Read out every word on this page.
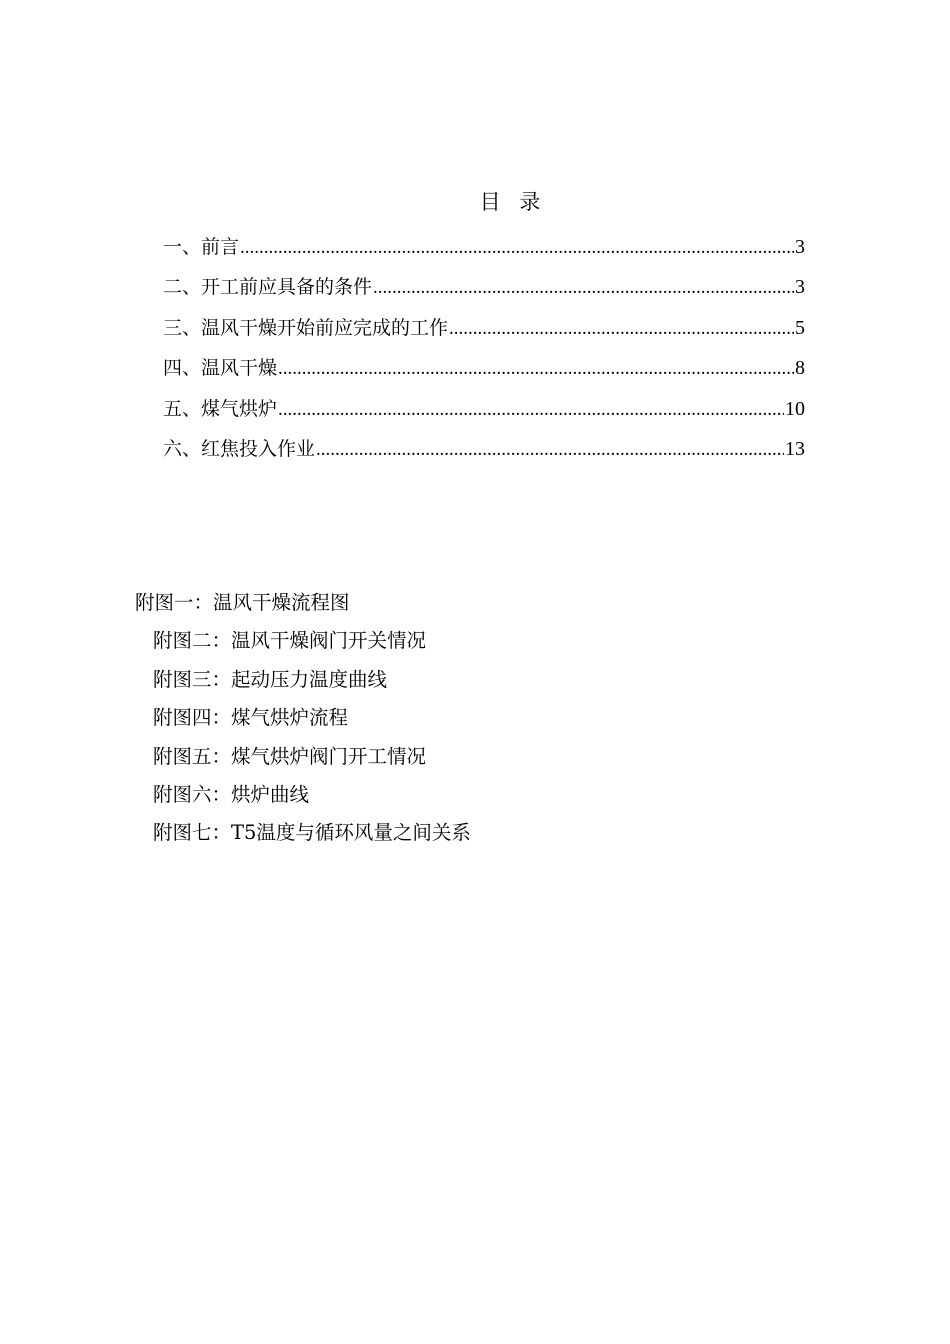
目 录
一、前言 .....	3
二、开工前应具备的条件 .....	3
三、温风干燥开始前应完成的工作 .....	5
四、温风干燥 .....	8
五、煤气烘炉 .....	10
六、红焦投入作业 .....	13
附图一：温风干燥流程图
附图二：温风干燥阀门开关情况
附图三：起动压力温度曲线
附图四：煤气烘炉流程
附图五：煤气烘炉阀门开工情况
附图六：烘炉曲线
附图七：T5温度与循环风量之间关系
